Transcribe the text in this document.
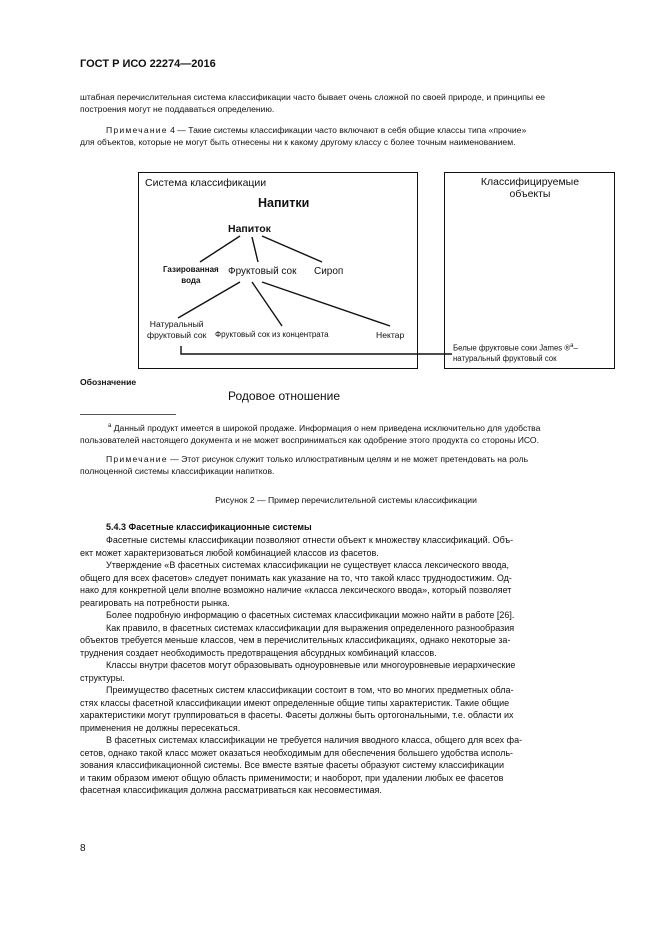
ГОСТ Р ИСО 22274—2016
штабная перечислительная система классификации часто бывает очень сложной по своей природе, и принципы ее
построения могут не поддаваться определению.
Примечание 4 — Такие системы классификации часто включают в себя общие классы типа «прочие»
для объектов, которые не могут быть отнесены ни к какому другому классу с более точным наименованием.
Система классификации
Напитки
Напиток
Газированная
вода
Фруктовый сок Сироп
Натуральный
фруктовый сок Фруктовый сок из концентрата	Нектар
Классифицируемые
объекты
Белые фруктовые соки James ®$^a$–
натуральный фруктовый сок
Обозначение
Родовое отношение
$^a$ Данный продукт имеется в широкой продаже. Информация о нем приведена исключительно для удобства
пользователей настоящего документа и не может восприниматься как одобрение этого продукта со стороны ИСО.
Примечание — Этот рисунок служит только иллюстративным целям и не может претендовать на роль
полноценной системы классификации напитков.
Рисунок 2 — Пример перечислительной системы классификации
5.4.3 Фасетные классификационные системы
Фасетные системы классификации позволяют отнести объект к множеству классификаций. Объ-
ект может характеризоваться любой комбинацией классов из фасетов.
Утверждение «В фасетных системах классификации не существует класса лексического ввода,
общего для всех фасетов» следует понимать как указание на то, что такой класс труднодостижим. Од-
нако для конкретной цели вполне возможно наличие «класса лексического ввода», который позволяет
реагировать на потребности рынка.
Более подробную информацию о фасетных системах классификации можно найти в работе [26].
Как правило, в фасетных системах классификации для выражения определенного разнообразия
объектов требуется меньше классов, чем в перечислительных классификациях, однако некоторые за-
труднения создает необходимость предотвращения абсурдных комбинаций классов.
Классы внутри фасетов могут образовывать одноуровневые или многоуровневые иерархические
структуры.
Преимущество фасетных систем классификации состоит в том, что во многих предметных обла-
стях классы фасетной классификации имеют определенные общие типы характеристик. Такие общие
характеристики могут группироваться в фасеты. Фасеты должны быть ортогональными, т.е. области их
применения не должны пересекаться.
В фасетных системах классификации не требуется наличия вводного класса, общего для всех фа-
сетов, однако такой класс может оказаться необходимым для обеспечения большего удобства исполь-
зования классификационной системы. Все вместе взятые фасеты образуют систему классификации
и таким образом имеют общую область применимости; и наоборот, при удалении любых ее фасетов
фасетная классификация должна рассматриваться как несовместимая.
8
